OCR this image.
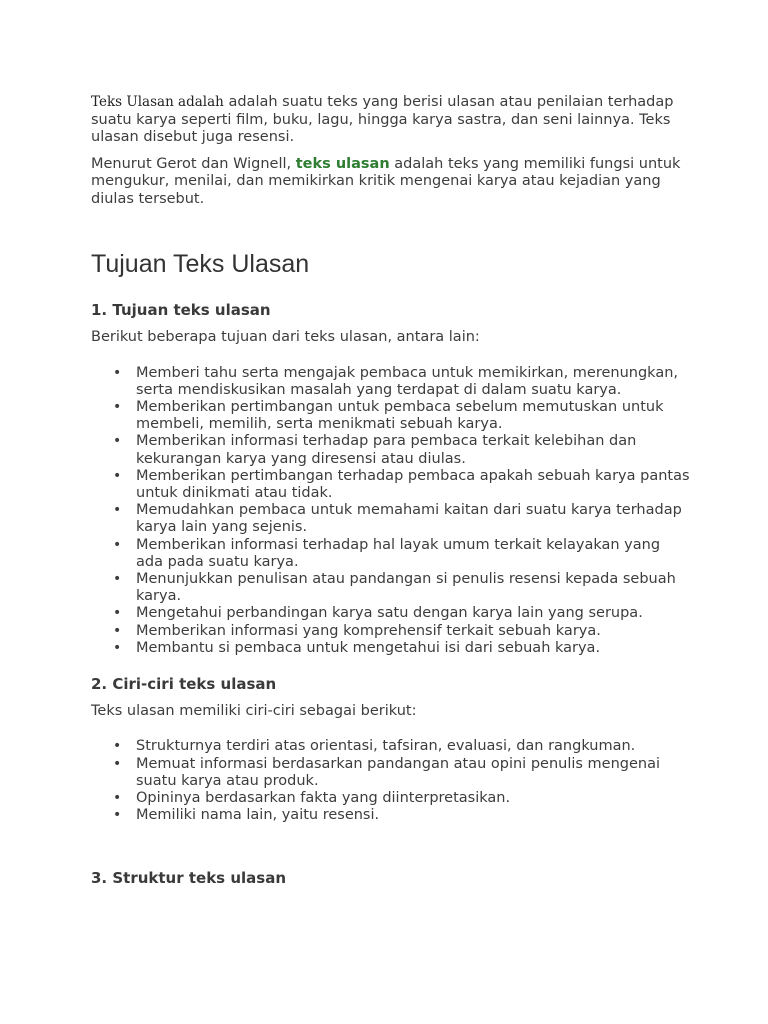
Teks Ulasan adalah adalah suatu teks yang berisi ulasan atau penilaian terhadap suatu karya seperti film, buku, lagu, hingga karya sastra, dan seni lainnya. Teks ulasan disebut juga resensi.

Menurut Gerot dan Wignell, teks ulasan adalah teks yang memiliki fungsi untuk mengukur, menilai, dan memikirkan kritik mengenai karya atau kejadian yang diulas tersebut.

Tujuan Teks Ulasan
1. Tujuan teks ulasan

Berikut beberapa tujuan dari teks ulasan, antara lain:

• Memberi tahu serta mengajak pembaca untuk memikirkan, merenungkan, serta mendiskusikan masalah yang terdapat di dalam suatu karya.
• Memberikan pertimbangan untuk pembaca sebelum memutuskan untuk membeli, memilih, serta menikmati sebuah karya.
• Memberikan informasi terhadap para pembaca terkait kelebihan dan kekurangan karya yang diresensi atau diulas.
• Memberikan pertimbangan terhadap pembaca apakah sebuah karya pantas untuk dinikmati atau tidak.
• Memudahkan pembaca untuk memahami kaitan dari suatu karya terhadap karya lain yang sejenis.
• Memberikan informasi terhadap hal layak umum terkait kelayakan yang ada pada suatu karya.
• Menunjukkan penulisan atau pandangan si penulis resensi kepada sebuah karya.
• Mengetahui perbandingan karya satu dengan karya lain yang serupa.
• Memberikan informasi yang komprehensif terkait sebuah karya.
• Membantu si pembaca untuk mengetahui isi dari sebuah karya.
2. Ciri-ciri teks ulasan

Teks ulasan memiliki ciri-ciri sebagai berikut:

• Strukturnya terdiri atas orientasi, tafsiran, evaluasi, dan rangkuman.
• Memuat informasi berdasarkan pandangan atau opini penulis mengenai suatu karya atau produk.
• Opininya berdasarkan fakta yang diinterpretasikan.
• Memiliki nama lain, yaitu resensi.
3. Struktur teks ulasan
